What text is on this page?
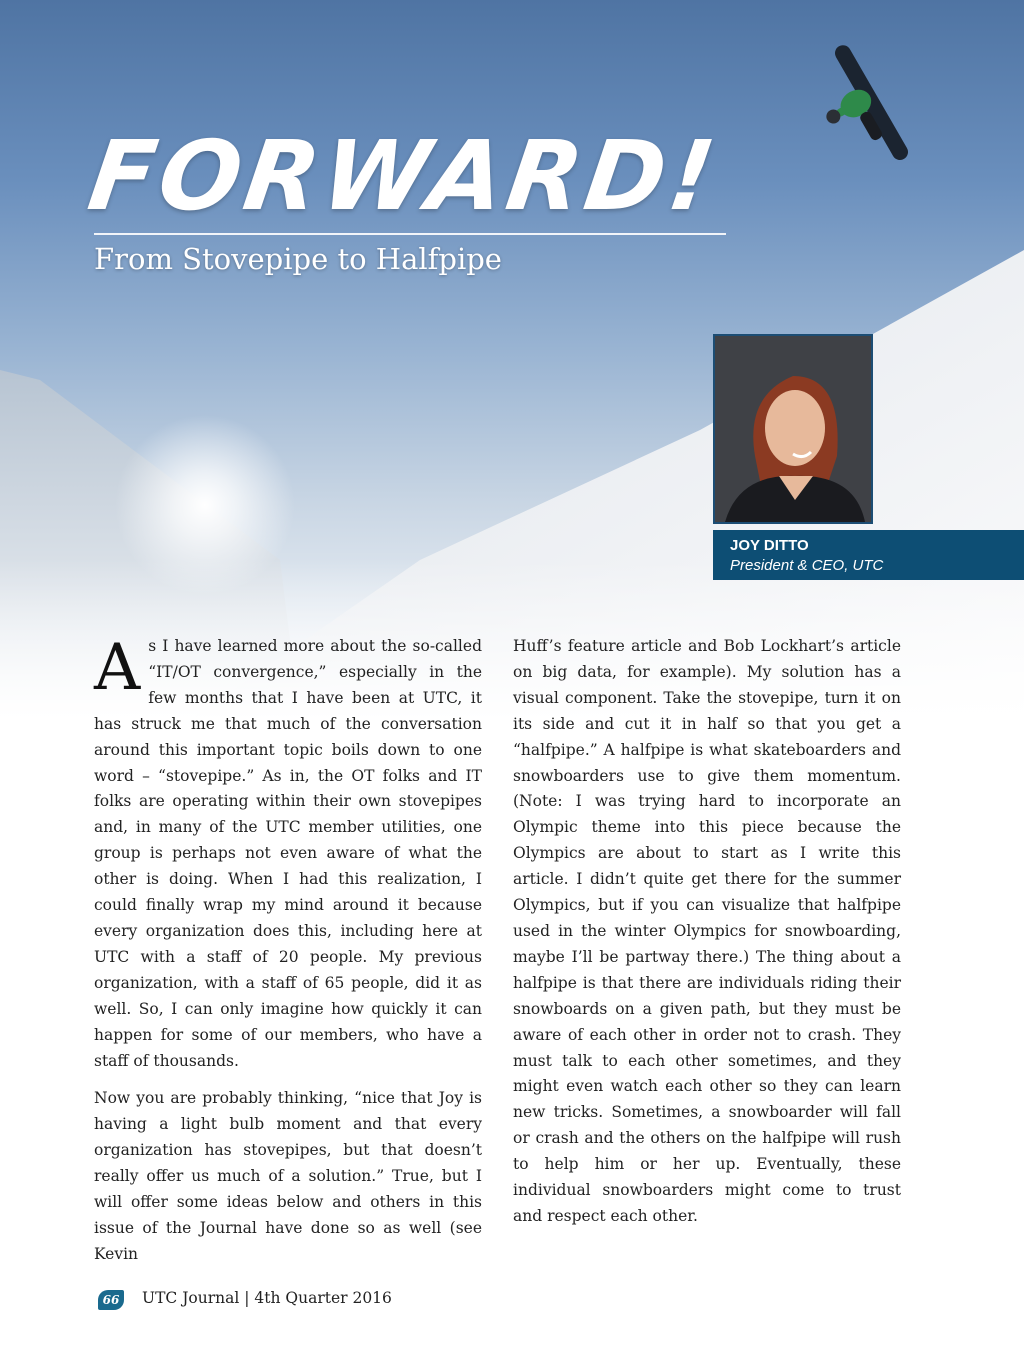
FORWARD!
From Stovepipe to Halfpipe
JOY DITTO
President & CEO, UTC

As I have learned more about the so-called “IT/OT convergence,” especially in the few months that I have been at UTC, it has struck me that much of the conversation around this important topic boils down to one word – “stovepipe.” As in, the OT folks and IT folks are operating within their own stovepipes and, in many of the UTC member utilities, one group is perhaps not even aware of what the other is doing. When I had this realization, I could finally wrap my mind around it because every organization does this, including here at UTC with a staff of 20 people. My previous organization, with a staff of 65 people, did it as well. So, I can only imagine how quickly it can happen for some of our members, who have a staff of thousands.

Now you are probably thinking, “nice that Joy is having a light bulb moment and that every organization has stovepipes, but that doesn’t really offer us much of a solution.” True, but I will offer some ideas below and others in this issue of the Journal have done so as well (see Kevin

Huff’s feature article and Bob Lockhart’s article on big data, for example). My solution has a visual component. Take the stovepipe, turn it on its side and cut it in half so that you get a “halfpipe.” A halfpipe is what skateboarders and snowboarders use to give them momentum. (Note: I was trying hard to incorporate an Olympic theme into this piece because the Olympics are about to start as I write this article. I didn’t quite get there for the summer Olympics, but if you can visualize that halfpipe used in the winter Olympics for snowboarding, maybe I’ll be partway there.) The thing about a halfpipe is that there are individuals riding their snowboards on a given path, but they must be aware of each other in order not to crash. They must talk to each other sometimes, and they might even watch each other so they can learn new tricks. Sometimes, a snowboarder will fall or crash and the others on the halfpipe will rush to help him or her up. Eventually, these individual snowboarders might come to trust and respect each other.

66	UTC Journal | 4th Quarter 2016
